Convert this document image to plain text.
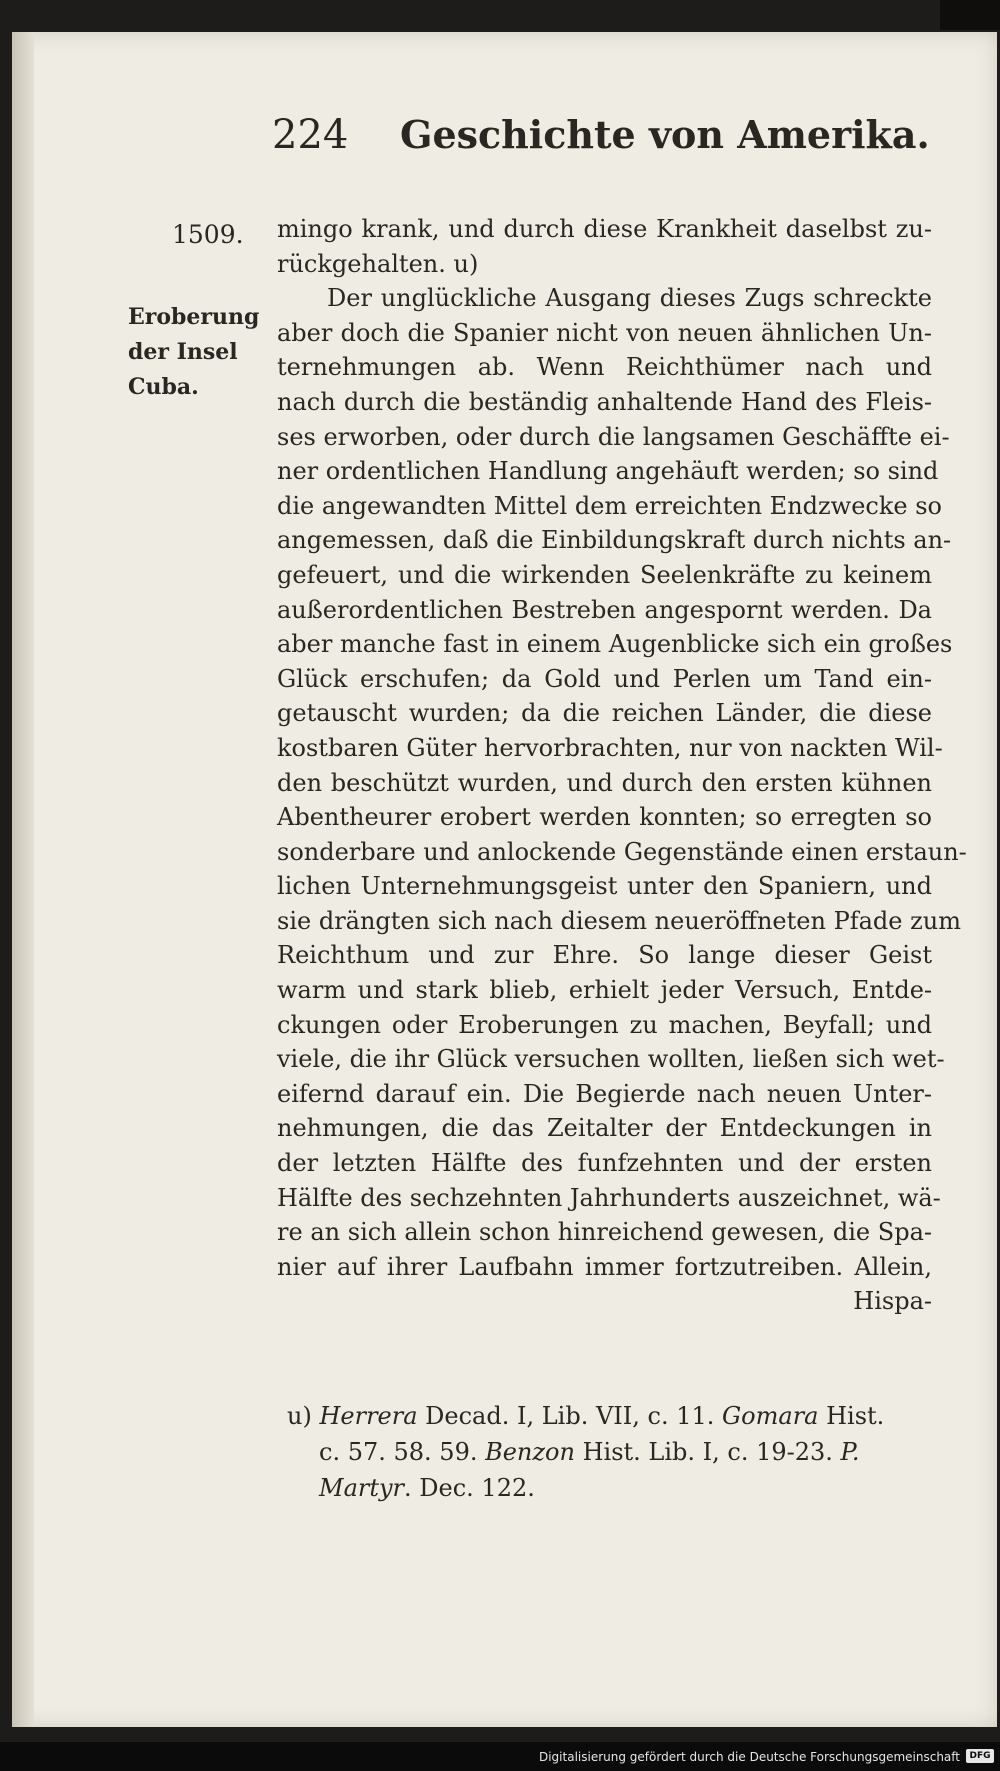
224 Geschichte von Amerika.
1509.
Eroberung
der Insel
Cuba.
mingo krank, und durch diese Krankheit daselbst zu-
rückgehalten. u)
Der unglückliche Ausgang dieses Zugs schreckte
aber doch die Spanier nicht von neuen ähnlichen Un-
ternehmungen ab. Wenn Reichthümer nach und
nach durch die beständig anhaltende Hand des Fleis-
ses erworben, oder durch die langsamen Geschäffte ei-
ner ordentlichen Handlung angehäuft werden; so sind
die angewandten Mittel dem erreichten Endzwecke so
angemessen, daß die Einbildungskraft durch nichts an-
gefeuert, und die wirkenden Seelenkräfte zu keinem
außerordentlichen Bestreben angespornt werden. Da
aber manche fast in einem Augenblicke sich ein großes
Glück erschufen; da Gold und Perlen um Tand ein-
getauscht wurden; da die reichen Länder, die diese
kostbaren Güter hervorbrachten, nur von nackten Wil-
den beschützt wurden, und durch den ersten kühnen
Abentheurer erobert werden konnten; so erregten so
sonderbare und anlockende Gegenstände einen erstaun-
lichen Unternehmungsgeist unter den Spaniern, und
sie drängten sich nach diesem neueröffneten Pfade zum
Reichthum und zur Ehre. So lange dieser Geist
warm und stark blieb, erhielt jeder Versuch, Entde-
ckungen oder Eroberungen zu machen, Beyfall; und
viele, die ihr Glück versuchen wollten, ließen sich wet-
eifernd darauf ein. Die Begierde nach neuen Unter-
nehmungen, die das Zeitalter der Entdeckungen in
der letzten Hälfte des funfzehnten und der ersten
Hälfte des sechzehnten Jahrhunderts auszeichnet, wä-
re an sich allein schon hinreichend gewesen, die Spa-
nier auf ihrer Laufbahn immer fortzutreiben. Allein,
Hispa-
u) Herrera Decad. I, Lib. VII, c. 11. Gomara Hist.
c. 57. 58. 59. Benzon Hist. Lib. I, c. 19-23. P.
Martyr. Dec. 122.
Digitalisierung gefördert durch die Deutsche Forschungsgemeinschaft	DFG
